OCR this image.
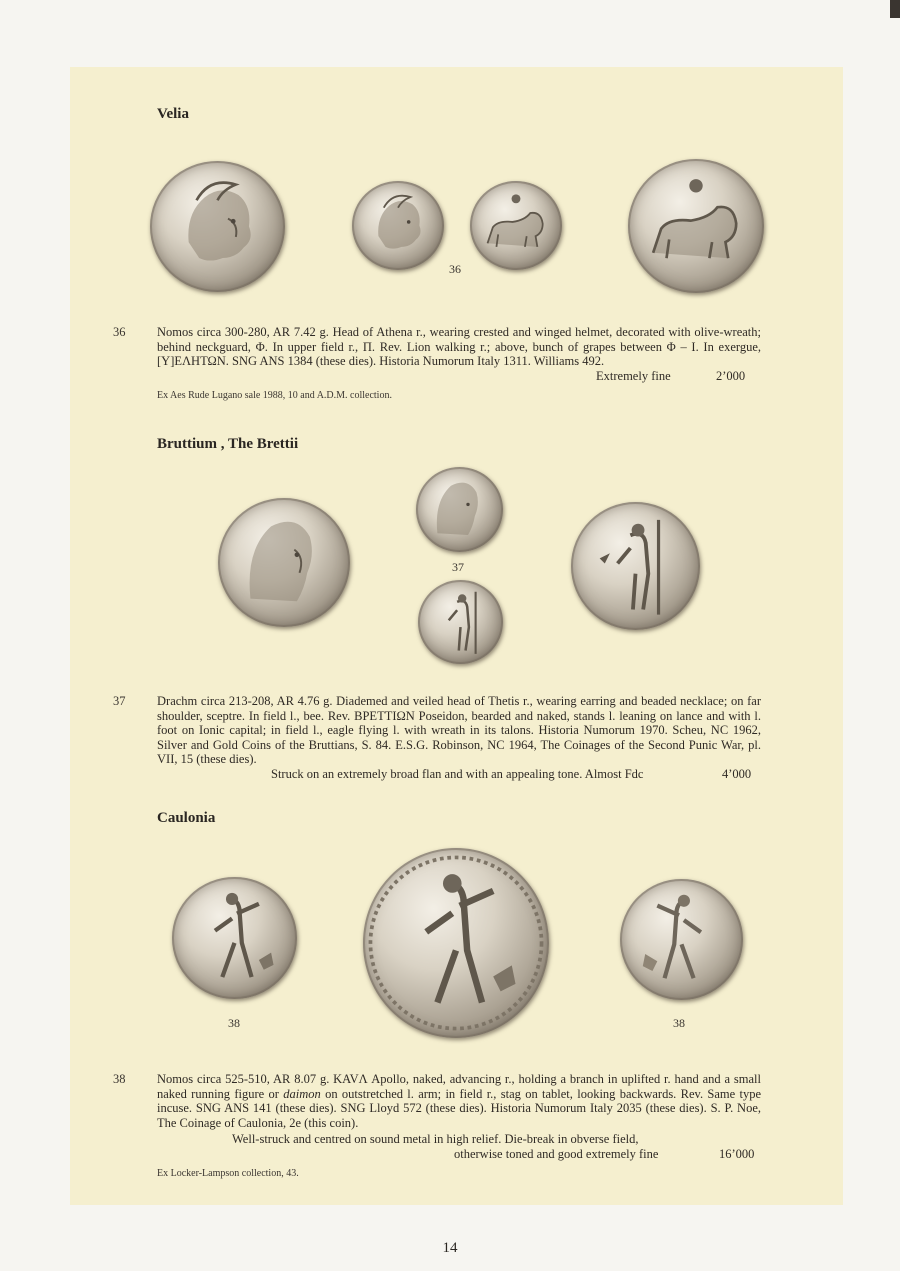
Velia
36
36	Nomos circa 300-280, AR 7.42 g. Head of Athena r., wearing crested and winged helmet, decorated with olive-wreath; behind neckguard, Φ. In upper field r., Π. Rev. Lion walking r.; above, bunch of grapes between Φ – I. In exergue, [Y]ΕΛΗΤΩΝ. SNG ANS 1384 (these dies). Historia Numorum Italy 1311. Williams 492.
Extremely fine	2’000
Ex Aes Rude Lugano sale 1988, 10 and A.D.M. collection.
Bruttium , The Brettii
37
37	Drachm circa 213-208, AR 4.76 g. Diademed and veiled head of Thetis r., wearing earring and beaded necklace; on far shoulder, sceptre. In field l., bee. Rev. ΒΡΕΤΤΙΩΝ Poseidon, bearded and naked, stands l. leaning on lance and with l. foot on Ionic capital; in field l., eagle flying l. with wreath in its talons. Historia Numorum 1970. Scheu, NC 1962, Silver and Gold Coins of the Bruttians, S. 84. E.S.G. Robinson, NC 1964, The Coinages of the Second Punic War, pl. VII, 15 (these dies).
Struck on an extremely broad flan and with an appealing tone. Almost Fdc	4’000
Caulonia
38	38
38	Nomos circa 525-510, AR 8.07 g. KAVΛ Apollo, naked, advancing r., holding a branch in uplifted r. hand and a small naked running figure or daimon on outstretched l. arm; in field r., stag on tablet, looking backwards. Rev. Same type incuse. SNG ANS 141 (these dies). SNG Lloyd 572 (these dies). Historia Numorum Italy 2035 (these dies). S. P. Noe, The Coinage of Caulonia, 2e (this coin).
Well-struck and centred on sound metal in high relief. Die-break in obverse field,
otherwise toned and good extremely fine	16’000
Ex Locker-Lampson collection, 43.
14
